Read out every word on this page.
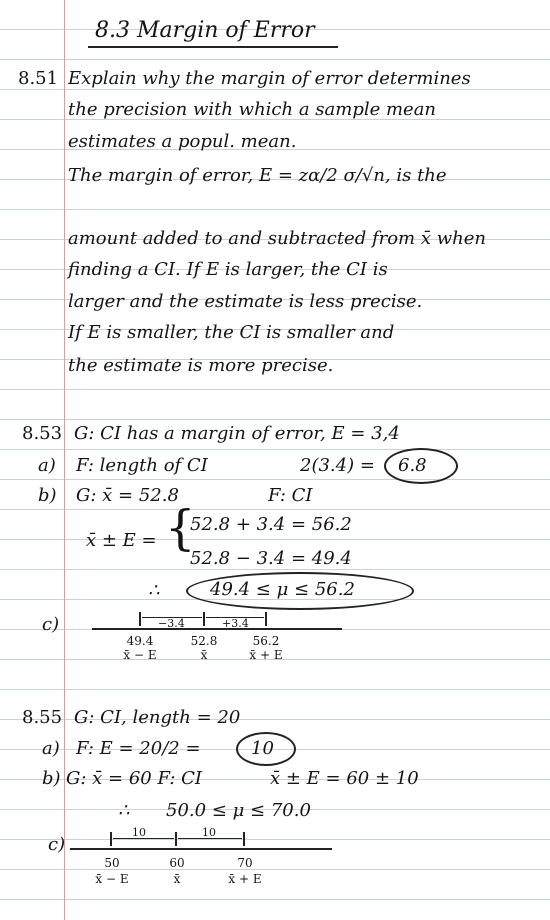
8.3 Margin of Error
8.51 Explain why the margin of error determines
the precision with which a sample mean
estimates a popul. mean.
The margin of error, E = zα/2 σ/√n, is the
amount added to and subtracted from x̄ when
finding a CI. If E is larger, the CI is
larger and the estimate is less precise.
If E is smaller, the CI is smaller and
the estimate is more precise.
8.53 G: CI has a margin of error, E = 3,4
a) F: length of CI	2(3.4) = 6.8
b) G: x̄ = 52.8	F: CI
x̄ ± E = {
52.8 + 3.4 = 56.2
52.8 − 3.4 = 49.4
∴	49.4 ≤ μ ≤ 56.2
c)	−3.4	+3.4
49.4
x̄ − E
52.8
x̄
56.2
x̄ + E
8.55 G: CI, length = 20
a) F: E = 20/2 =	10
b) G: x̄ = 60 F: CI	x̄ ± E = 60 ± 10
∴ 50.0 ≤ μ ≤ 70.0
c)
10	10
50
x̄ − E
60
x̄
70
x̄ + E
